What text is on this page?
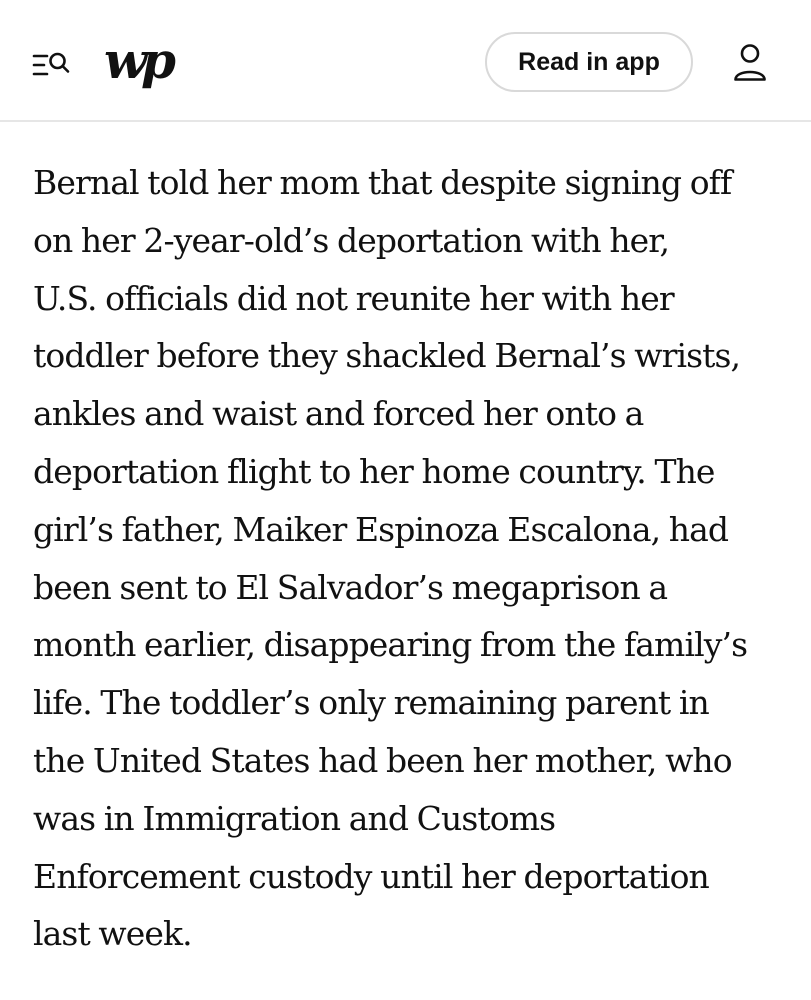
wp	Read in app

Bernal told her mom that despite signing off
on her 2-year-old’s deportation with her,
U.S. officials did not reunite her with her
toddler before they shackled Bernal’s wrists,
ankles and waist and forced her onto a
deportation flight to her home country. The
girl’s father, Maiker Espinoza Escalona, had
been sent to El Salvador’s megaprison a
month earlier, disappearing from the family’s
life. The toddler’s only remaining parent in
the United States had been her mother, who
was in Immigration and Customs
Enforcement custody until her deportation
last week.
